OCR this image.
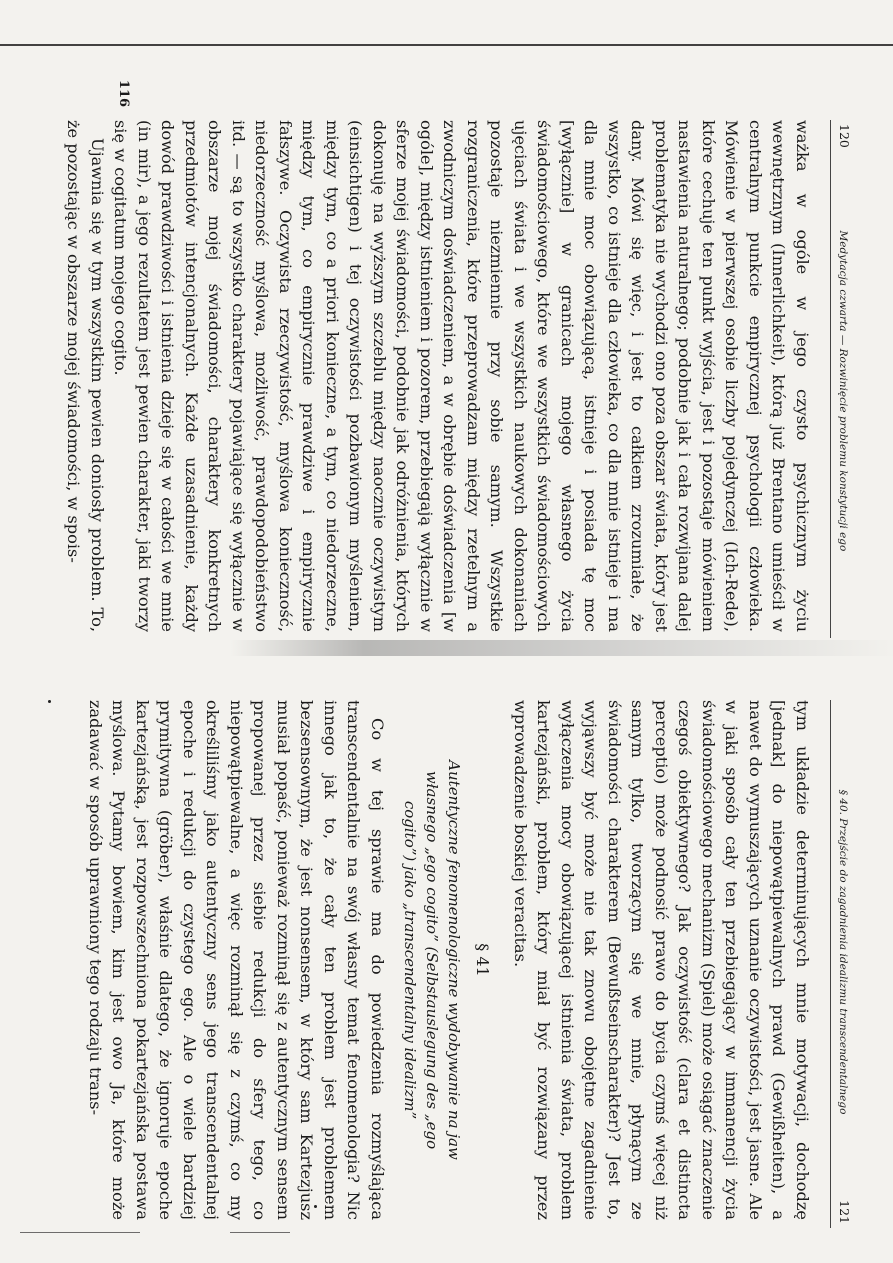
120
Medytacja czwarta — Rozwinięcie problemu konstytucji ego

ważka w ogóle w jego czysto psychicznym życiu wewnętrznym (Innerlichkeit), którą już Brentano umieścił w centralnym punkcie empirycznej psychologii człowieka. Mówienie w pierwszej osobie liczby pojedynczej (Ich-Rede), które cechuje ten punkt wyjścia, jest i pozostaje mówieniem nastawienia naturalnego; podobnie jak i cała rozwijana dalej problematyka nie wychodzi ono poza obszar świata, który jest dany. Mówi się więc, i jest to całkiem zrozumiałe, że wszystko, co istnieje dla człowieka, co dla mnie istnieje i ma dla mnie moc obowiązującą, istnieje i posiada tę moc [wyłącznie] w granicach mojego własnego życia świadomościowego, które we wszystkich świadomościowych ujęciach świata i we wszystkich naukowych dokonaniach pozostaje niezmiennie przy sobie samym. Wszystkie rozgraniczenia, które przeprowadzam między rzetelnym a zwodniczym doświadczeniem, a w obrębie doświadczenia [w ogóle], między istnieniem i pozorem, przebiegają wyłącznie w sferze mojej świadomości, podobnie jak odróżnienia, których dokonuję na wyższym szczeblu między naocznie oczywistym (einsichtigen) i tej oczywistości pozbawionym myśleniem, między tym, co a priori konieczne, a tym, co niedorzeczne, między tym, co empirycznie prawdziwe i empirycznie fałszywe. Oczywista rzeczywistość, myślowa konieczność, niedorzeczność myślowa, możliwość, prawdopodobieństwo itd. — są to wszystko charaktery pojawiające się wyłącznie w obszarze mojej świadomości, charaktery konkretnych przedmiotów intencjonalnych. Każde uzasadnienie, każdy dowód prawdziwości i istnienia dzieje się w całości we mnie (in mir), a jego rezultatem jest pewien charakter, jaki tworzy się w cogitatum mojego cogito.

Ujawnia się w tym wszystkim pewien doniosły problem. To, że pozostając w obszarze mojej świadomości, w spois-

116
§ 40. Przejście do zagadnienia idealizmu transcendentalnego
121

tym układzie determinujących mnie motywacji, dochodzę [jednak] do niepowątpiewalnych prawd (Gewißheiten), a nawet do wymuszających uznanie oczywistości, jest jasne. Ale w jaki sposób cały ten przebiegający w immanencji życia świadomościowego mechanizm (Spiel) może osiągać znaczenie czegoś obiektywnego? Jak oczywistość (clara et distincta perceptio) może podnosić prawo do bycia czymś więcej niż samym tylko, tworzącym się we mnie, płynącym ze świadomości charakterem (Bewußtseinscharakter)? Jest to, wyjąwszy być może nie tak znowu obojętne zagadnienie wyłączenia mocy obowiązującej istnienia świata, problem kartezjański, problem, który miał być rozwiązany przez wprowadzenie boskiej veracitas.

§ 41
Autentyczne fenomenologiczne wydobywanie na jaw własnego „ego cogito” (Selbstauslegung des „ego cogito”) jako „transcendentalny idealizm”

Co w tej sprawie ma do powiedzenia rozmyślająca transcendentalnie na swój własny temat fenomenologia? Nic innego jak to, że cały ten problem jest problemem bezsensownym, że jest nonsensem, w który sam Kartezjusz musiał popaść, ponieważ rozminął się z autentycznym sensem propowanej przez siebie redukcji do sfery tego, co niepowątpiewalne, a więc rozminął się z czymś, co my określiliśmy jako autentyczny sens jego transcendentalnej epoche i redukcji do czystego ego. Ale o wiele bardziej prymitywna (gröber), właśnie dlatego, że ignoruje epoche kartezjańską, jest rozpowszechniona pokartezjańska postawa myślowa. Pytamy bowiem, kim jest owo Ja, które może zadawać w sposób uprawniony tego rodzaju trans-
